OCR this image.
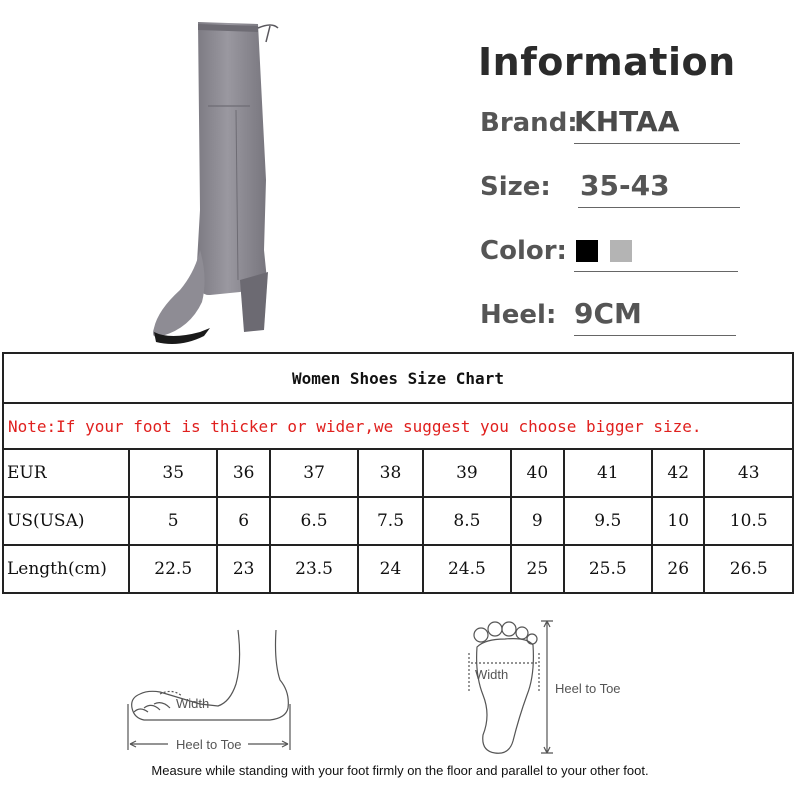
Information
Brand:
KHTAA
Size: 35-43
Color:
Heel: 9CM
Women Shoes Size Chart									
Note:If your foot is thicker or wider,we suggest you choose bigger size.									
EUR	35	36	37	38	39	40	41	42	43
US(USA)	5	6	6.5	7.5	8.5	9	9.5	10	10.5
Length(cm)	22.5	23	23.5	24	24.5	25	25.5	26	26.5
Width
Heel to Toe
Width
Heel to Toe
Measure while standing with your foot firmly on the floor and parallel to your other foot.
